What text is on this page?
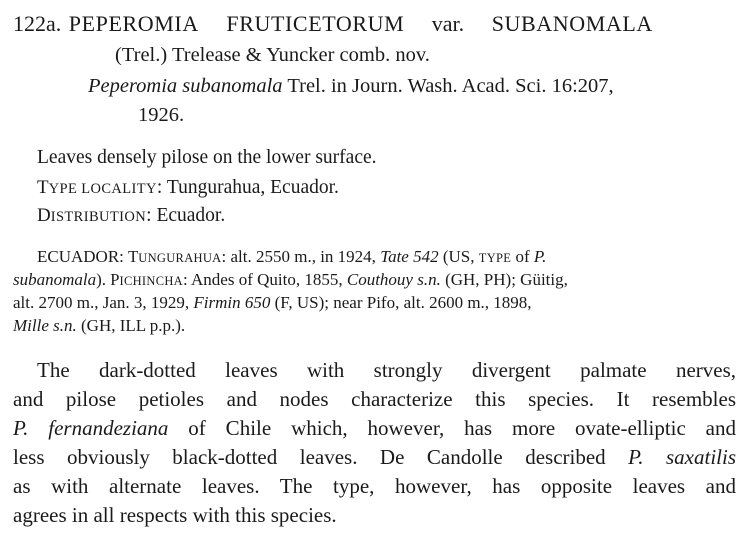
122a. PEPEROMIA FRUTICETORUM var. SUBANOMALA
(Trel.) Trelease & Yuncker comb. nov.
Peperomia subanomala Trel. in Journ. Wash. Acad. Sci. 16:207,
1926.
Leaves densely pilose on the lower surface.
TYPE LOCALITY: Tungurahua, Ecuador.
DISTRIBUTION: Ecuador.
ECUADOR: TUNGURAHUA: alt. 2550 m., in 1924, Tate 542 (US, TYPE of P.
subanomala). PICHINCHA: Andes of Quito, 1855, Couthouy s.n. (GH, PH); Güitig,
alt. 2700 m., Jan. 3, 1929, Firmin 650 (F, US); near Pifo, alt. 2600 m., 1898,
Mille s.n. (GH, ILL p.p.).
The dark-dotted leaves with strongly divergent palmate nerves,
and pilose petioles and nodes characterize this species. It resembles
P. fernandeziana of Chile which, however, has more ovate-elliptic and
less obviously black-dotted leaves. De Candolle described P. saxatilis
as with alternate leaves. The type, however, has opposite leaves and
agrees in all respects with this species.
